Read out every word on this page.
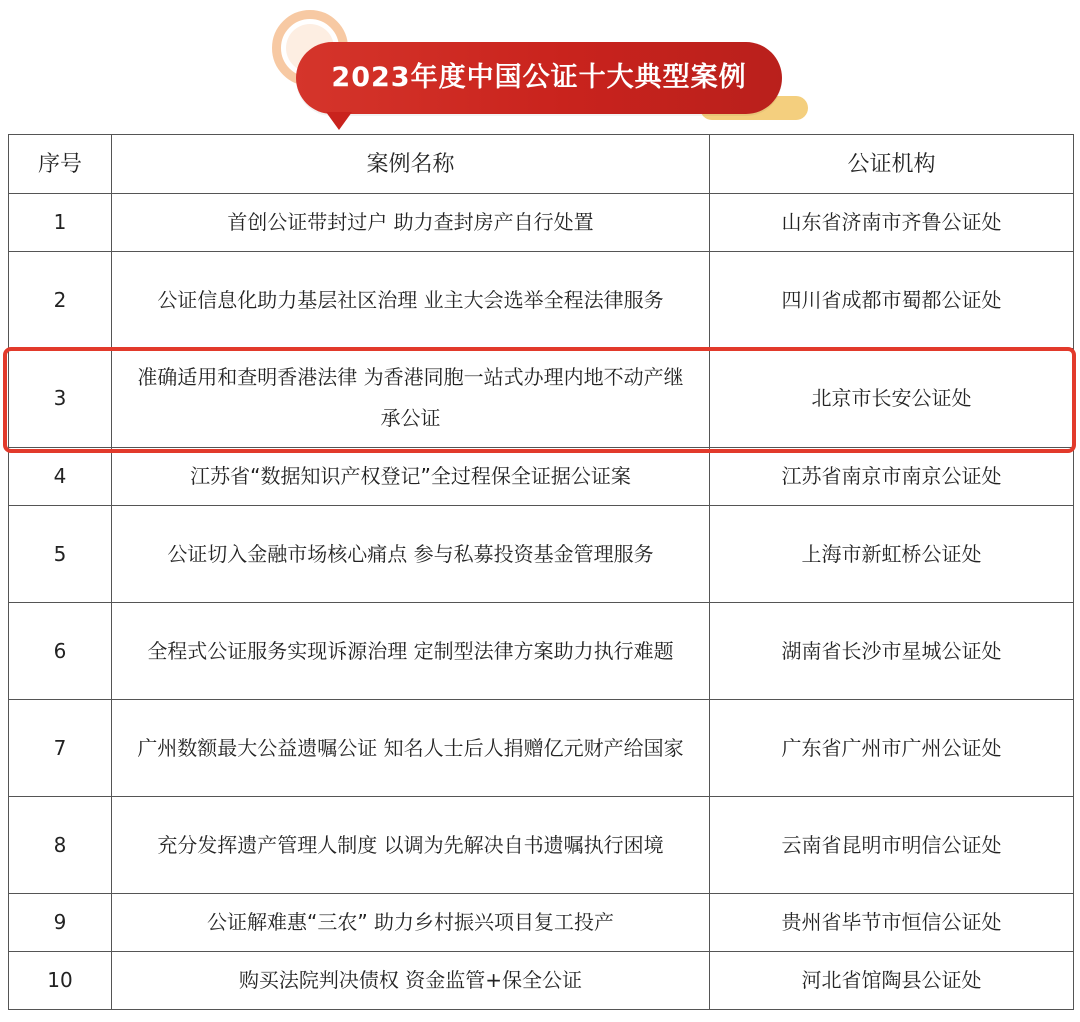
2023年度中国公证十大典型案例
序号	案例名称	公证机构
1	首创公证带封过户 助力查封房产自行处置	山东省济南市齐鲁公证处
2	公证信息化助力基层社区治理 业主大会选举全程法律服务	四川省成都市蜀都公证处
3	准确适用和查明香港法律 为香港同胞一站式办理内地不动产继承公证	北京市长安公证处
4	江苏省“数据知识产权登记”全过程保全证据公证案	江苏省南京市南京公证处
5	公证切入金融市场核心痛点 参与私募投资基金管理服务	上海市新虹桥公证处
6	全程式公证服务实现诉源治理 定制型法律方案助力执行难题	湖南省长沙市星城公证处
7	广州数额最大公益遗嘱公证 知名人士后人捐赠亿元财产给国家	广东省广州市广州公证处
8	充分发挥遗产管理人制度 以调为先解决自书遗嘱执行困境	云南省昆明市明信公证处
9	公证解难惠“三农” 助力乡村振兴项目复工投产	贵州省毕节市恒信公证处
10	购买法院判决债权 资金监管+保全公证	河北省馆陶县公证处
